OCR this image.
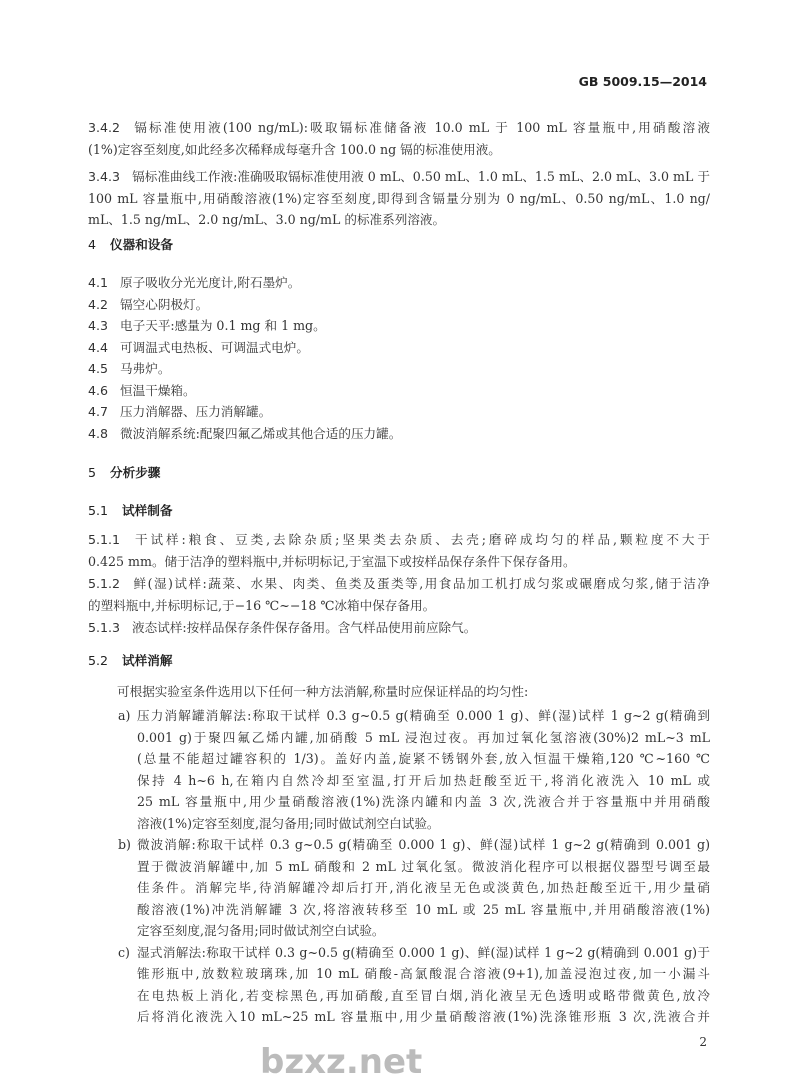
GB 5009.15—2014
3.4.2 镉标准使用液(100 ng/mL):吸取镉标准储备液 10.0 mL 于 100 mL 容量瓶中,用硝酸溶液
(1%)定容至刻度,如此经多次稀释成每毫升含 100.0 ng 镉的标准使用液。
3.4.3 镉标准曲线工作液:准确吸取镉标准使用液 0 mL、0.50 mL、1.0 mL、1.5 mL、2.0 mL、3.0 mL 于
100 mL 容量瓶中,用硝酸溶液(1%)定容至刻度,即得到含镉量分别为 0 ng/mL、0.50 ng/mL、1.0 ng/
mL、1.5 ng/mL、2.0 ng/mL、3.0 ng/mL 的标准系列溶液。
4 仪器和设备
4.1 原子吸收分光光度计,附石墨炉。
4.2 镉空心阴极灯。
4.3 电子天平:感量为 0.1 mg 和 1 mg。
4.4 可调温式电热板、可调温式电炉。
4.5 马弗炉。
4.6 恒温干燥箱。
4.7 压力消解器、压力消解罐。
4.8 微波消解系统:配聚四氟乙烯或其他合适的压力罐。
5 分析步骤
5.1 试样制备
5.1.1 干试样:粮食、豆类,去除杂质;坚果类去杂质、去壳;磨碎成均匀的样品,颗粒度不大于
0.425 mm。储于洁净的塑料瓶中,并标明标记,于室温下或按样品保存条件下保存备用。
5.1.2 鲜(湿)试样:蔬菜、水果、肉类、鱼类及蛋类等,用食品加工机打成匀浆或碾磨成匀浆,储于洁净
的塑料瓶中,并标明标记,于−16 ℃~−18 ℃冰箱中保存备用。
5.1.3 液态试样:按样品保存条件保存备用。含气样品使用前应除气。
5.2 试样消解
可根据实验室条件选用以下任何一种方法消解,称量时应保证样品的均匀性:
a) 压力消解罐消解法:称取干试样 0.3 g~0.5 g(精确至 0.000 1 g)、鲜(湿)试样 1 g~2 g(精确到
0.001 g)于聚四氟乙烯内罐,加硝酸 5 mL 浸泡过夜。再加过氧化氢溶液(30%)2 mL~3 mL
(总量不能超过罐容积的 1/3)。盖好内盖,旋紧不锈钢外套,放入恒温干燥箱,120 ℃~160 ℃
保持 4 h~6 h,在箱内自然冷却至室温,打开后加热赶酸至近干,将消化液洗入 10 mL 或
25 mL 容量瓶中,用少量硝酸溶液(1%)洗涤内罐和内盖 3 次,洗液合并于容量瓶中并用硝酸
溶液(1%)定容至刻度,混匀备用;同时做试剂空白试验。
b) 微波消解:称取干试样 0.3 g~0.5 g(精确至 0.000 1 g)、鲜(湿)试样 1 g~2 g(精确到 0.001 g)
置于微波消解罐中,加 5 mL 硝酸和 2 mL 过氧化氢。微波消化程序可以根据仪器型号调至最
佳条件。消解完毕,待消解罐冷却后打开,消化液呈无色或淡黄色,加热赶酸至近干,用少量硝
酸溶液(1%)冲洗消解罐 3 次,将溶液转移至 10 mL 或 25 mL 容量瓶中,并用硝酸溶液(1%)
定容至刻度,混匀备用;同时做试剂空白试验。
c) 湿式消解法:称取干试样 0.3 g~0.5 g(精确至 0.000 1 g)、鲜(湿)试样 1 g~2 g(精确到 0.001 g)于
锥形瓶中,放数粒玻璃珠,加 10 mL 硝酸-高氯酸混合溶液(9+1),加盖浸泡过夜,加一小漏斗
在电热板上消化,若变棕黑色,再加硝酸,直至冒白烟,消化液呈无色透明或略带微黄色,放冷
后将消化液洗入10 mL~25 mL 容量瓶中,用少量硝酸溶液(1%)洗涤锥形瓶 3 次,洗液合并
bzxz.net	2
